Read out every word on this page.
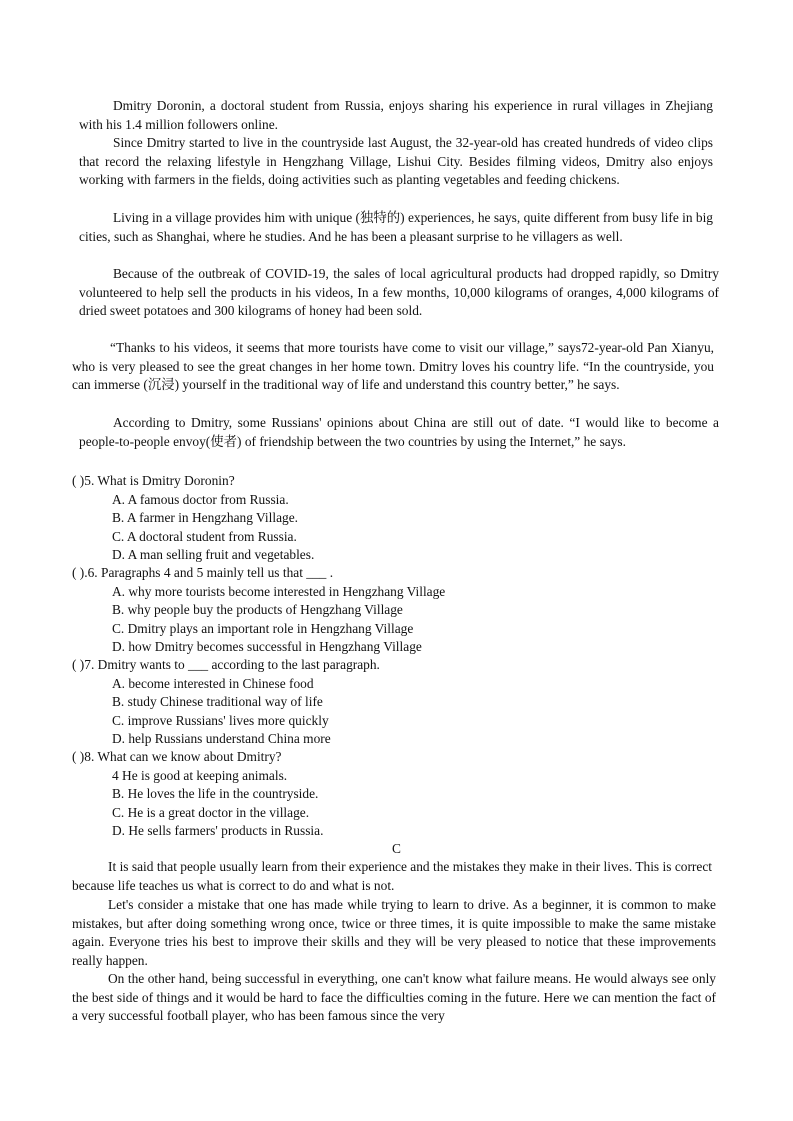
Dmitry Doronin, a doctoral student from Russia, enjoys sharing his experience in rural villages in Zhejiang with his 1.4 million followers online.
Since Dmitry started to live in the countryside last August, the 32-year-old has created hundreds of video clips that record the relaxing lifestyle in Hengzhang Village, Lishui City. Besides filming videos, Dmitry also enjoys working with farmers in the fields, doing activities such as planting vegetables and feeding chickens.
Living in a village provides him with unique (独特的) experiences, he says, quite different from busy life in big cities, such as Shanghai, where he studies. And he has been a pleasant surprise to he villagers as well.
Because of the outbreak of COVID-19, the sales of local agricultural products had dropped rapidly, so Dmitry volunteered to help sell the products in his videos, In a few months, 10,000 kilograms of oranges, 4,000 kilograms of dried sweet potatoes and 300 kilograms of honey had been sold.
“Thanks to his videos, it seems that more tourists have come to visit our village,” says72-year-old Pan Xianyu, who is very pleased to see the great changes in her home town. Dmitry loves his country life. “In the countryside, you can immerse (沉浸) yourself in the traditional way of life and understand this country better,” he says.
According to Dmitry, some Russians' opinions about China are still out of date. “I would like to become a people-to-people envoy(使者) of friendship between the two countries by using the Internet,” he says.
( )5. What is Dmitry Doronin?
A. A famous doctor from Russia.
B. A farmer in Hengzhang Village.
C. A doctoral student from Russia.
D. A man selling fruit and vegetables.
( ).6. Paragraphs 4 and 5 mainly tell us that ___ .
A. why more tourists become interested in Hengzhang Village
B. why people buy the products of Hengzhang Village
C. Dmitry plays an important role in Hengzhang Village
D. how Dmitry becomes successful in Hengzhang Village
( )7. Dmitry wants to ___ according to the last paragraph.
A. become interested in Chinese food
B. study Chinese traditional way of life
C. improve Russians' lives more quickly
D. help Russians understand China more
( )8. What can we know about Dmitry?
4 He is good at keeping animals.
B. He loves the life in the countryside.
C. He is a great doctor in the village.
D. He sells farmers' products in Russia.
C
It is said that people usually learn from their experience and the mistakes they make in their lives. This is correct because life teaches us what is correct to do and what is not.
Let's consider a mistake that one has made while trying to learn to drive. As a beginner, it is common to make mistakes, but after doing something wrong once, twice or three times, it is quite impossible to make the same mistake again. Everyone tries his best to improve their skills and they will be very pleased to notice that these improvements really happen.
On the other hand, being successful in everything, one can't know what failure means. He would always see only the best side of things and it would be hard to face the difficulties coming in the future. Here we can mention the fact of a very successful football player, who has been famous since the very
